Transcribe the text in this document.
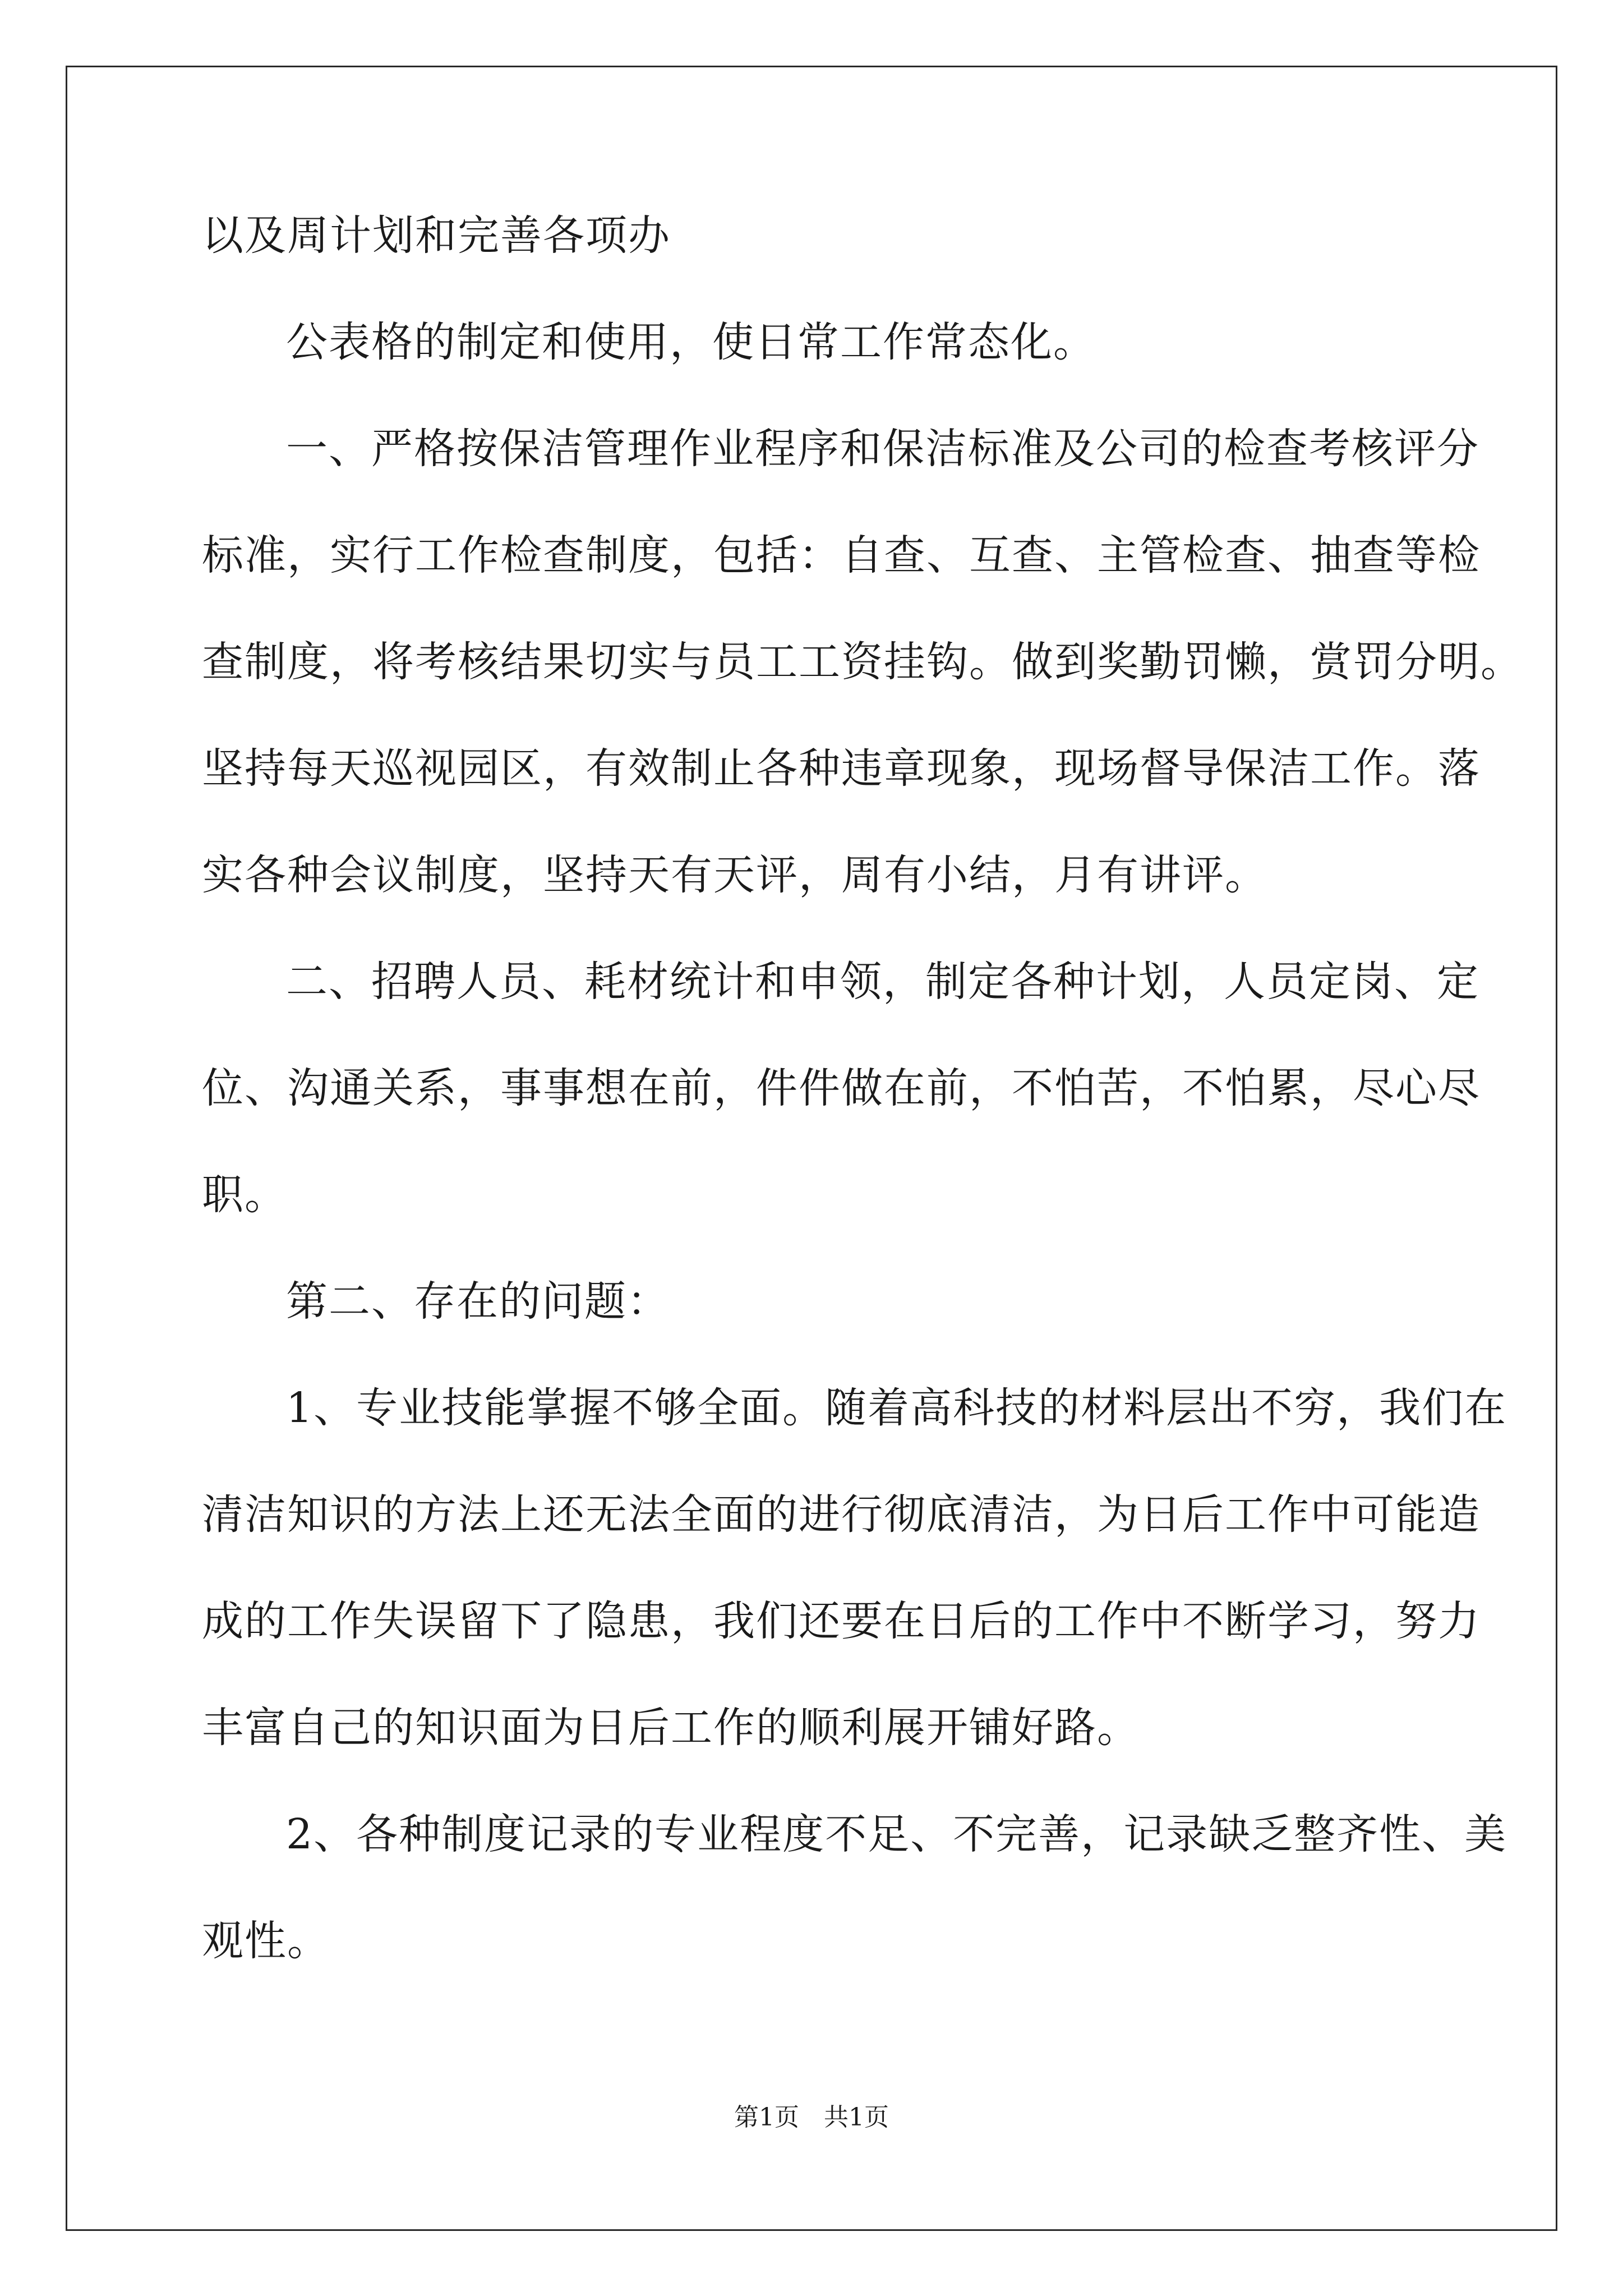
以及周计划和完善各项办
公表格的制定和使用，使日常工作常态化。
一、严格按保洁管理作业程序和保洁标准及公司的检查考核评分
标准，实行工作检查制度，包括：自查、互查、主管检查、抽查等检
查制度，将考核结果切实与员工工资挂钩。做到奖勤罚懒，赏罚分明。
坚持每天巡视园区，有效制止各种违章现象，现场督导保洁工作。落
实各种会议制度，坚持天有天评，周有小结，月有讲评。
二、招聘人员、耗材统计和申领，制定各种计划，人员定岗、定
位、沟通关系，事事想在前，件件做在前，不怕苦，不怕累，尽心尽
职。
第二、存在的问题：
1、专业技能掌握不够全面。随着高科技的材料层出不穷，我们在
清洁知识的方法上还无法全面的进行彻底清洁，为日后工作中可能造
成的工作失误留下了隐患，我们还要在日后的工作中不断学习，努力
丰富自己的知识面为日后工作的顺利展开铺好路。
2、各种制度记录的专业程度不足、不完善，记录缺乏整齐性、美
观性。
第1页　共1页
